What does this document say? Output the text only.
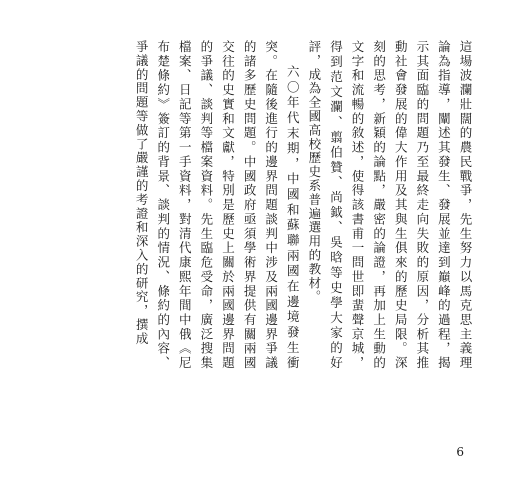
這場波瀾壯闊的農民戰爭，先生努力以馬克思主義理論為指導，闡述其發生、發展並達到巔峰的過程，揭示其面臨的問題乃至最終走向失敗的原因，分析其推動社會發展的偉大作用及其與生俱來的歷史局限。深刻的思考，新穎的論點，嚴密的論證，再加上生動的文字和流暢的敘述，使得該書甫一問世即蜚聲京城，得到范文瀾、翦伯贊、尚鉞、吳晗等史學大家的好評，成為全國高校歷史系普遍選用的教材。

六〇年代末期，中國和蘇聯兩國在邊境發生衝突。在隨後進行的邊界問題談判中涉及兩國邊界爭議的諸多歷史問題。中國政府亟須學術界提供有關兩國交往的史實和文獻，特別是歷史上關於兩國邊界問題的爭議、談判等檔案資料。先生臨危受命，廣泛搜集檔案、日記等第一手資料，對清代康熙年間中俄《尼布楚條約》簽訂的背景、談判的情況、條約的內容、爭議的問題等做了嚴謹的考證和深入的研究，撰成

6
